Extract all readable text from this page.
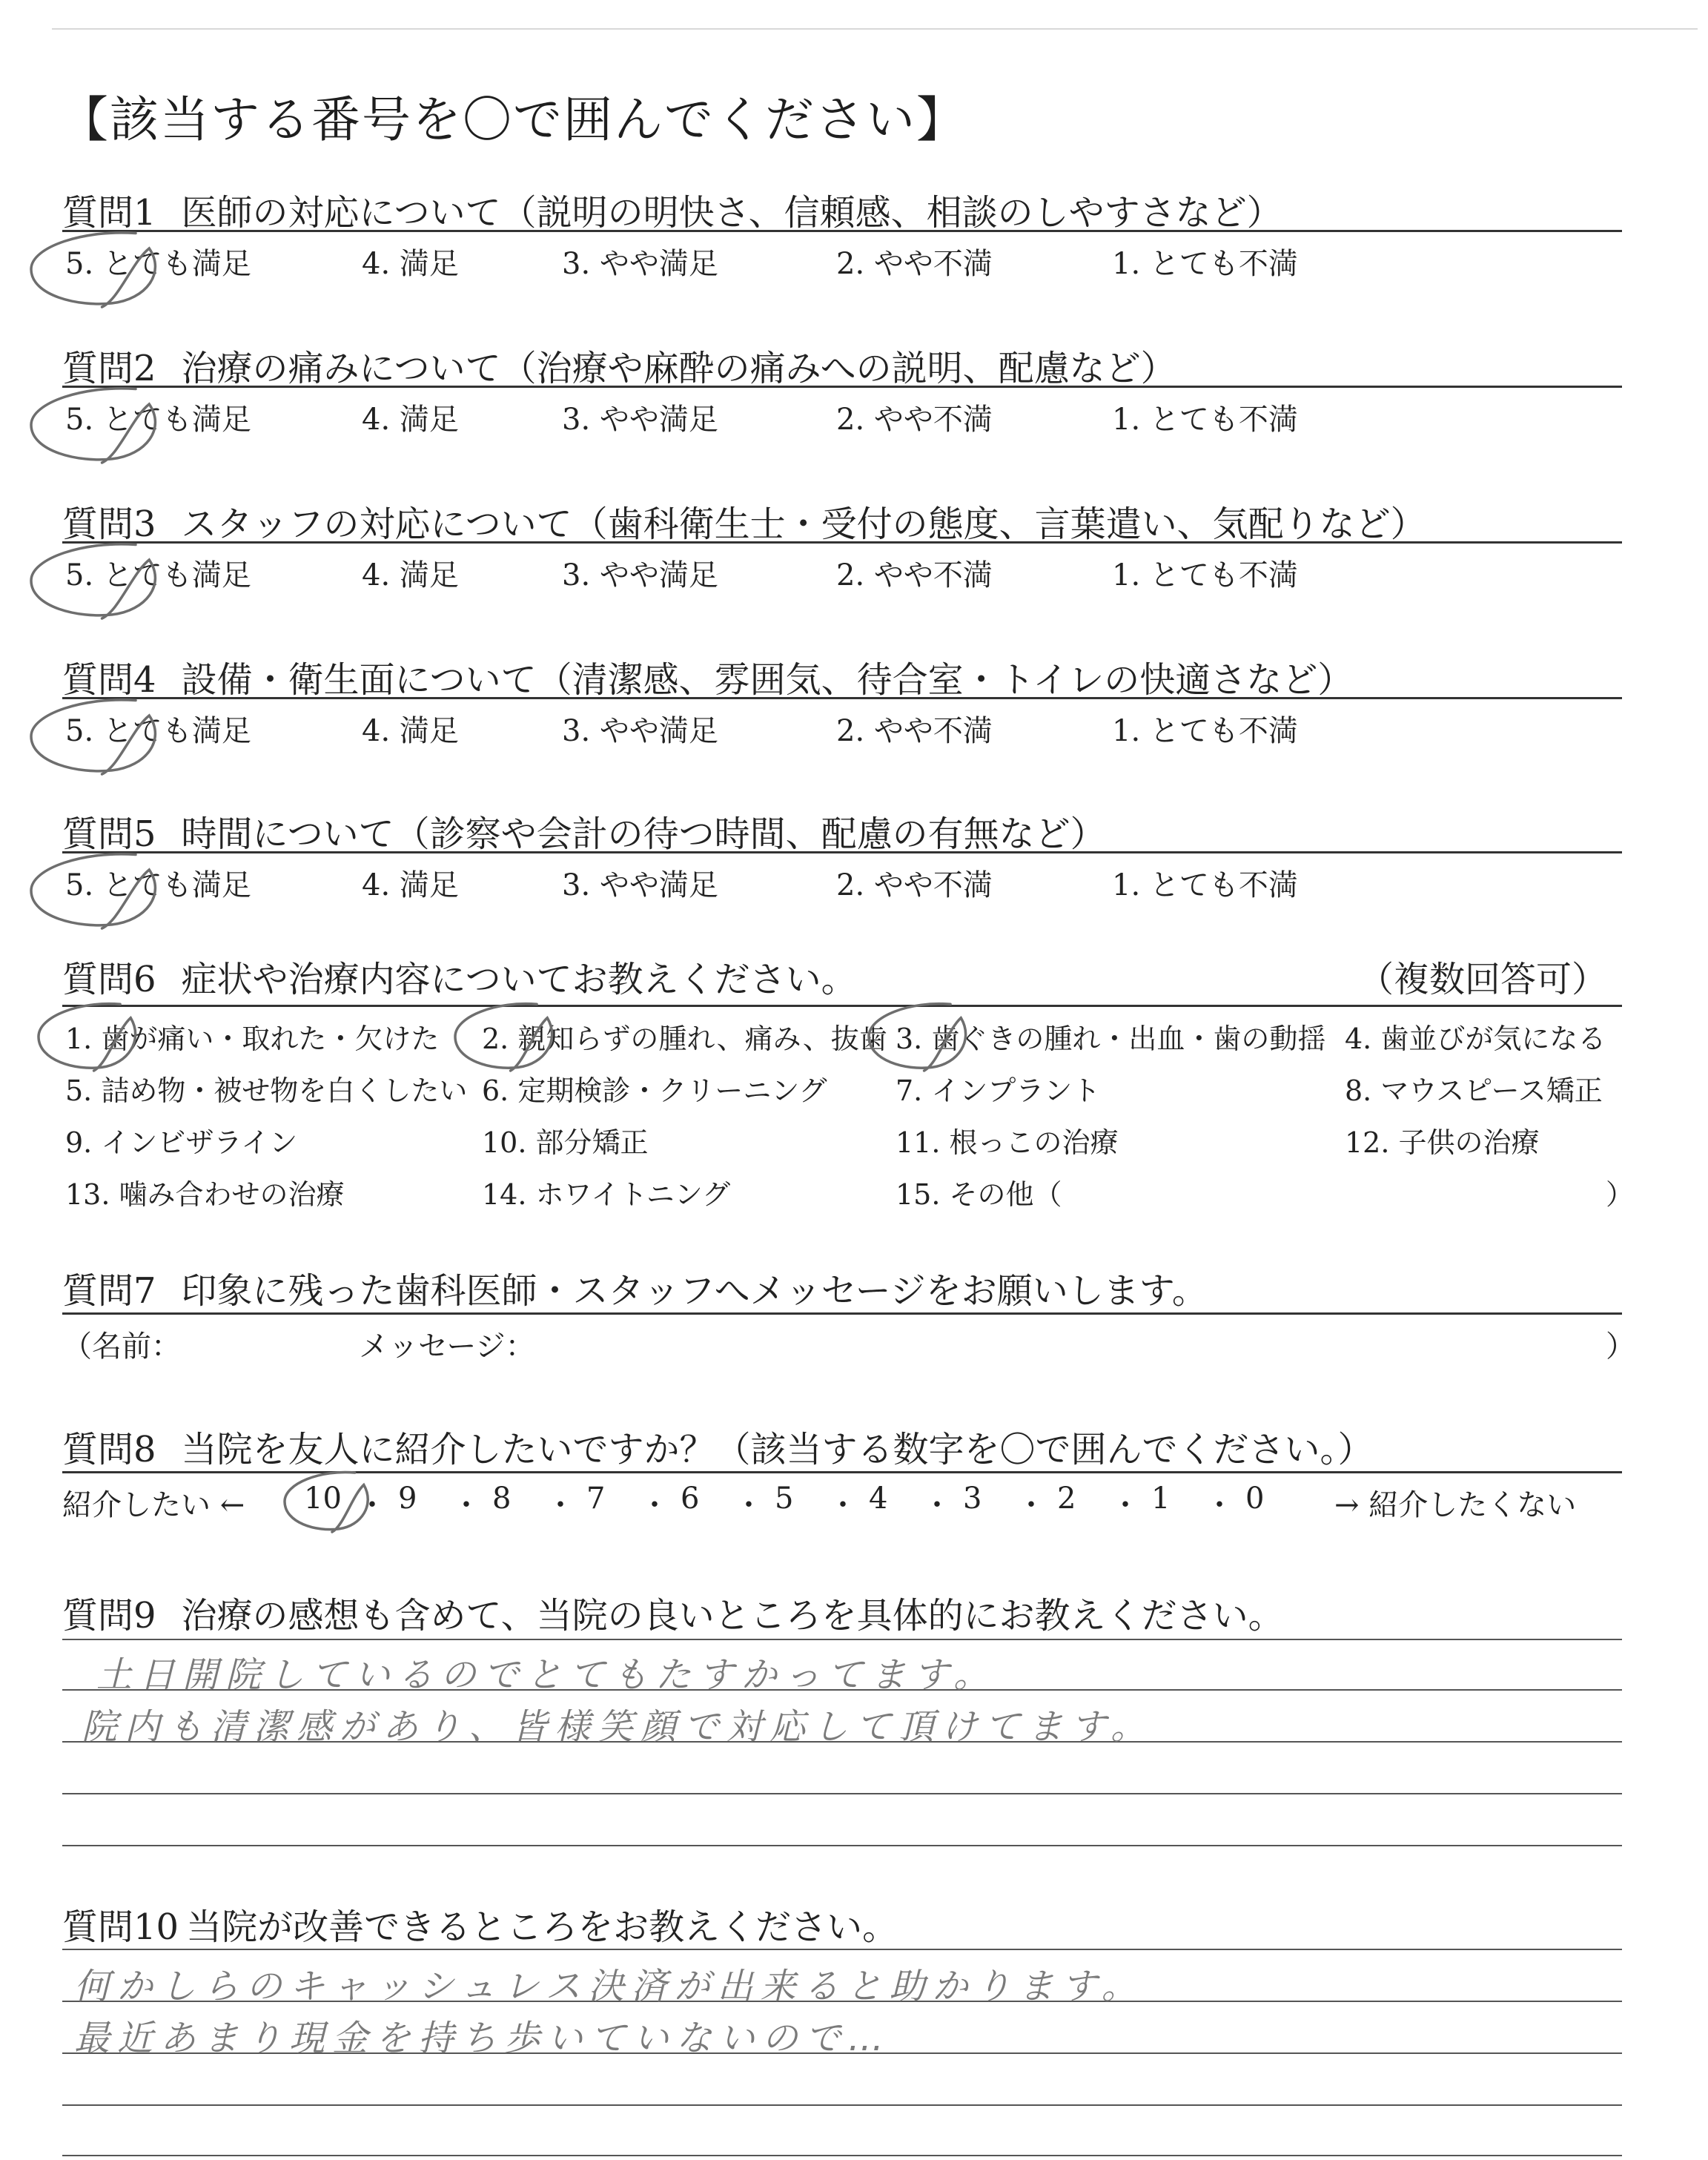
【該当する番号を〇で囲んでください】
質問1 医師の対応について（説明の明快さ、信頼感、相談のしやすさなど）
5. とても満足	4. 満足	3. やや満足	2. やや不満	1. とても不満
質問2 治療の痛みについて（治療や麻酔の痛みへの説明、配慮など）
5. とても満足	4. 満足	3. やや満足	2. やや不満	1. とても不満
質問3 スタッフの対応について（歯科衛生士・受付の態度、言葉遣い、気配りなど）
5. とても満足	4. 満足	3. やや満足	2. やや不満	1. とても不満
質問4 設備・衛生面について（清潔感、雰囲気、待合室・トイレの快適さなど）
5. とても満足	4. 満足	3. やや満足	2. やや不満	1. とても不満
質問5 時間について（診察や会計の待つ時間、配慮の有無など）
5. とても満足	4. 満足	3. やや満足	2. やや不満	1. とても不満
質問6 症状や治療内容についてお教えください。	（複数回答可）
1. 歯が痛い・取れた・欠けた 2. 親知らずの腫れ、痛み、抜歯 3. 歯ぐきの腫れ・出血・歯の動揺 4. 歯並びが気になる
5. 詰め物・被せ物を白くしたい 6. 定期検診・クリーニング 7. インプラント	8. マウスピース矯正
9. インビザライン	10. 部分矯正	11. 根っこの治療	12. 子供の治療
13. 噛み合わせの治療	14. ホワイトニング	15. その他（	）
質問7 印象に残った歯科医師・スタッフへメッセージをお願いします。
（名前：	メッセージ：	）
質問8 当院を友人に紹介したいですか？（該当する数字を〇で囲んでください。）
紹介したい ← 10 ・ 9 ・ 8 ・ 7 ・ 6 ・ 5 ・ 4 ・ 3 ・ 2 ・ 1 ・ 0 → 紹介したくない
質問9 治療の感想も含めて、当院の良いところを具体的にお教えください。
土日開院しているのでとてもたすかってます。
院内も清潔感があり、皆様笑顔で対応して頂けてます。
質問10 当院が改善できるところをお教えください。
何かしらのキャッシュレス決済が出来ると助かります。
最近あまり現金を持ち歩いていないので…
